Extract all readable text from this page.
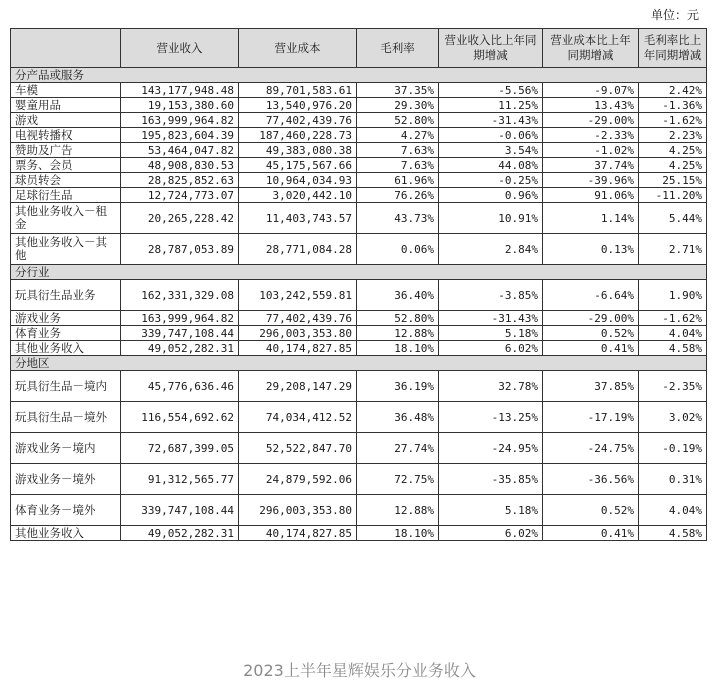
单位：元
	营业收入	营业成本	毛利率	营业收入比上年同期增减	营业成本比上年同期增减	毛利率比上年同期增减
分产品或服务						
车模	143,177,948.48	89,701,583.61	37.35%	-5.56%	-9.07%	2.42%
婴童用品	19,153,380.60	13,540,976.20	29.30%	11.25%	13.43%	-1.36%
游戏	163,999,964.82	77,402,439.76	52.80%	-31.43%	-29.00%	-1.62%
电视转播权	195,823,604.39	187,460,228.73	4.27%	-0.06%	-2.33%	2.23%
赞助及广告	53,464,047.82	49,383,080.38	7.63%	3.54%	-1.02%	4.25%
票务、会员	48,908,830.53	45,175,567.66	7.63%	44.08%	37.74%	4.25%
球员转会	28,825,852.63	10,964,034.93	61.96%	-0.25%	-39.96%	25.15%
足球衍生品	12,724,773.07	3,020,442.10	76.26%	0.96%	91.06%	-11.20%
其他业务收入－租金	20,265,228.42	11,403,743.57	43.73%	10.91%	1.14%	5.44%
其他业务收入－其他	28,787,053.89	28,771,084.28	0.06%	2.84%	0.13%	2.71%
分行业						
玩具衍生品业务	162,331,329.08	103,242,559.81	36.40%	-3.85%	-6.64%	1.90%
游戏业务	163,999,964.82	77,402,439.76	52.80%	-31.43%	-29.00%	-1.62%
体育业务	339,747,108.44	296,003,353.80	12.88%	5.18%	0.52%	4.04%
其他业务收入	49,052,282.31	40,174,827.85	18.10%	6.02%	0.41%	4.58%
分地区						
玩具衍生品－境内	45,776,636.46	29,208,147.29	36.19%	32.78%	37.85%	-2.35%
玩具衍生品－境外	116,554,692.62	74,034,412.52	36.48%	-13.25%	-17.19%	3.02%
游戏业务－境内	72,687,399.05	52,522,847.70	27.74%	-24.95%	-24.75%	-0.19%
游戏业务－境外	91,312,565.77	24,879,592.06	72.75%	-35.85%	-36.56%	0.31%
体育业务－境外	339,747,108.44	296,003,353.80	12.88%	5.18%	0.52%	4.04%
其他业务收入	49,052,282.31	40,174,827.85	18.10%	6.02%	0.41%	4.58%
2023上半年星辉娱乐分业务收入
